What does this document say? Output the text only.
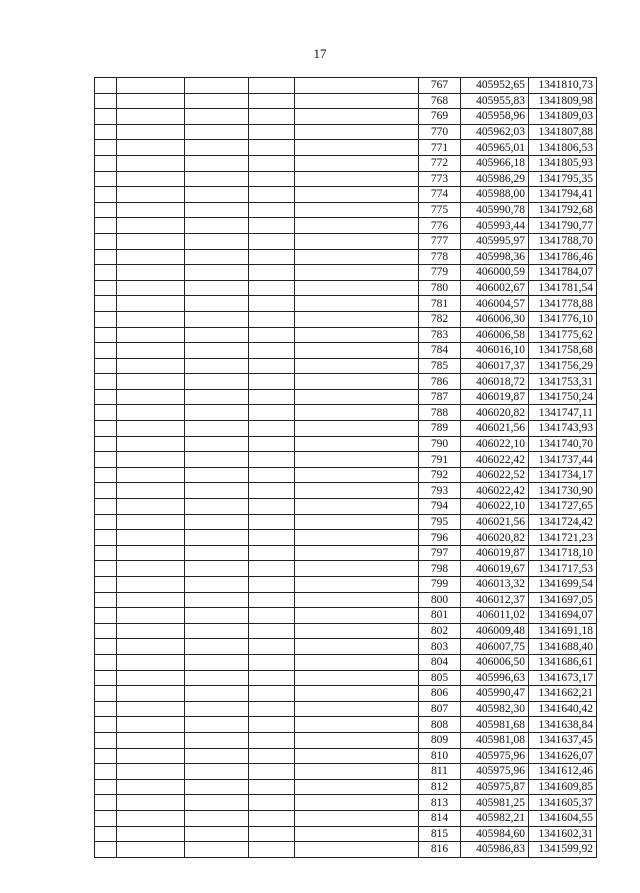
17
					767	405952,65	1341810,73
					768	405955,83	1341809,98
					769	405958,96	1341809,03
					770	405962,03	1341807,88
					771	405965,01	1341806,53
					772	405966,18	1341805,93
					773	405986,29	1341795,35
					774	405988,00	1341794,41
					775	405990,78	1341792,68
					776	405993,44	1341790,77
					777	405995,97	1341788,70
					778	405998,36	1341786,46
					779	406000,59	1341784,07
					780	406002,67	1341781,54
					781	406004,57	1341778,88
					782	406006,30	1341776,10
					783	406006,58	1341775,62
					784	406016,10	1341758,68
					785	406017,37	1341756,29
					786	406018,72	1341753,31
					787	406019,87	1341750,24
					788	406020,82	1341747,11
					789	406021,56	1341743,93
					790	406022,10	1341740,70
					791	406022,42	1341737,44
					792	406022,52	1341734,17
					793	406022,42	1341730,90
					794	406022,10	1341727,65
					795	406021,56	1341724,42
					796	406020,82	1341721,23
					797	406019,87	1341718,10
					798	406019,67	1341717,53
					799	406013,32	1341699,54
					800	406012,37	1341697,05
					801	406011,02	1341694,07
					802	406009,48	1341691,18
					803	406007,75	1341688,40
					804	406006,50	1341686,61
					805	405996,63	1341673,17
					806	405990,47	1341662,21
					807	405982,30	1341640,42
					808	405981,68	1341638,84
					809	405981,08	1341637,45
					810	405975,96	1341626,07
					811	405975,96	1341612,46
					812	405975,87	1341609,85
					813	405981,25	1341605,37
					814	405982,21	1341604,55
					815	405984,60	1341602,31
					816	405986,83	1341599,92
